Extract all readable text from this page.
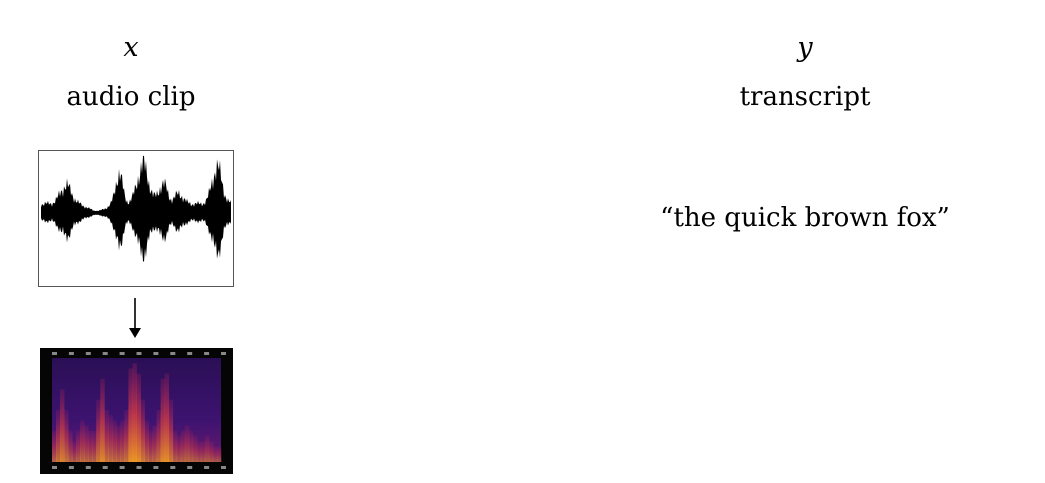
x
audio clip
y
transcript
“the quick brown fox”
